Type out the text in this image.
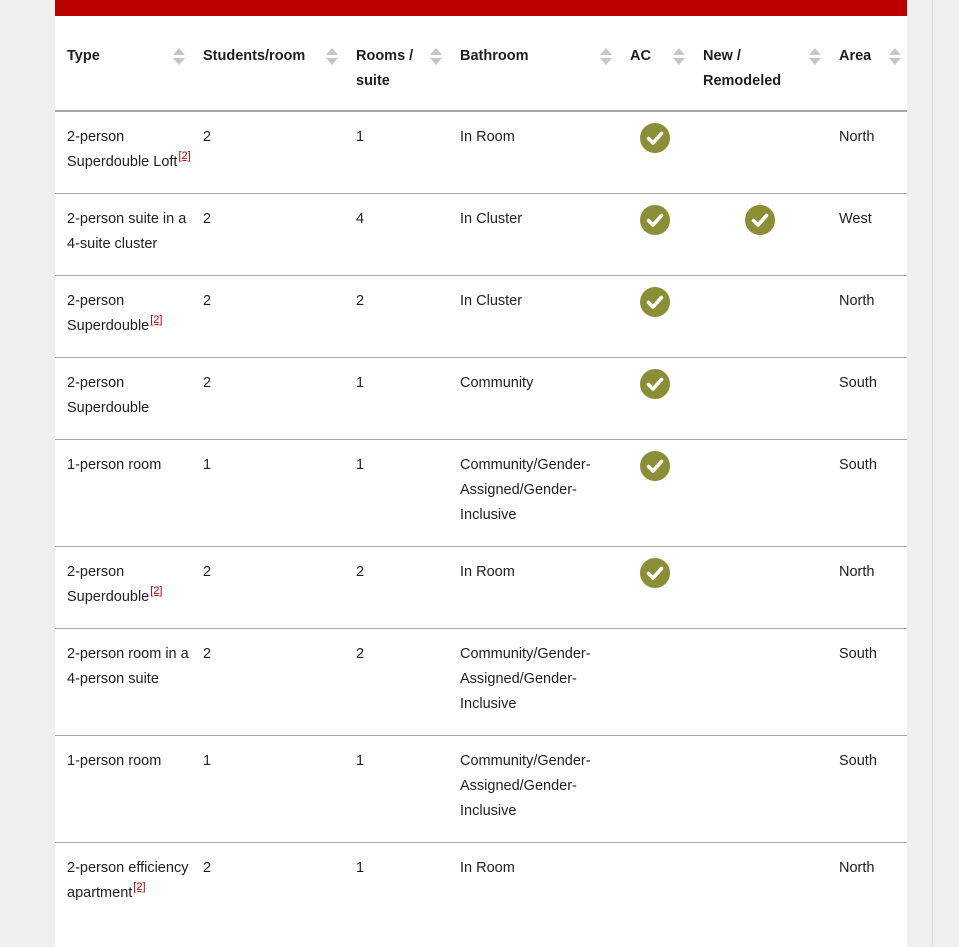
Type	Students/room	Rooms / suite	Bathroom	AC	New / Remodeled	Area

2-person Superdouble Loft[2]	2	1	In Room			North
2-person suite in a 4-suite cluster	2	4	In Cluster			West
2-person Superdouble[2]	2	2	In Cluster			North
2-person Superdouble	2	1	Community			South
1-person room	1	1	Community/Gender-Assigned/Gender-Inclusive			South
2-person Superdouble[2]	2	2	In Room			North
2-person room in a 4-person suite	2	2	Community/Gender-Assigned/Gender-Inclusive			South
1-person room	1	1	Community/Gender-Assigned/Gender-Inclusive			South
2-person efficiency apartment[2]	2	1	In Room			North
